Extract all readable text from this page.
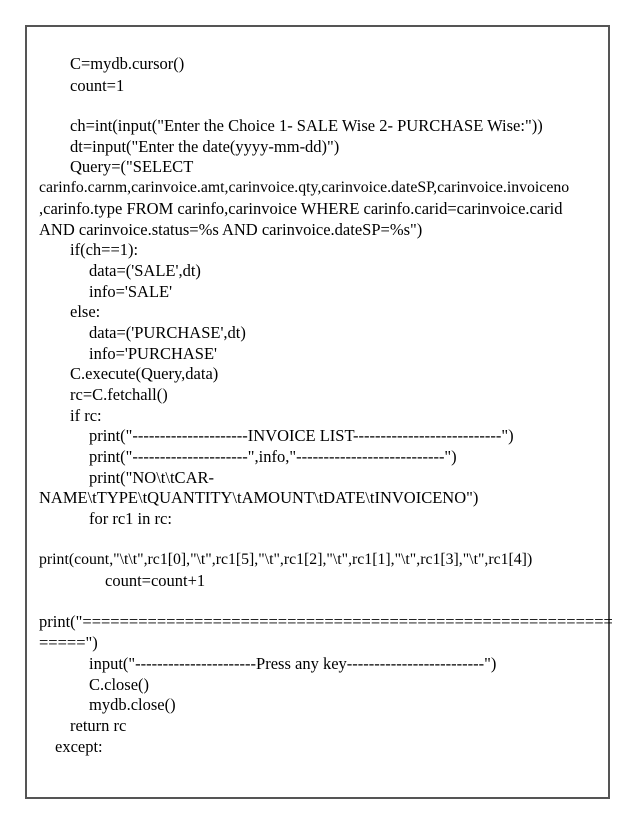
C=mydb.cursor()
count=1
ch=int(input("Enter the Choice 1- SALE Wise 2- PURCHASE Wise:"))
dt=input("Enter the date(yyyy-mm-dd)")
Query=("SELECT
carinfo.carnm,carinvoice.amt,carinvoice.qty,carinvoice.dateSP,carinvoice.invoiceno
,carinfo.type FROM carinfo,carinvoice WHERE carinfo.carid=carinvoice.carid
AND carinvoice.status=%s AND carinvoice.dateSP=%s")
if(ch==1):
data=('SALE',dt)
info='SALE'
else:
data=('PURCHASE',dt)
info='PURCHASE'
C.execute(Query,data)
rc=C.fetchall()
if rc:
print("---------------------INVOICE LIST---------------------------")
print("---------------------",info,"---------------------------")
print("NO\t\tCAR-
NAME\tTYPE\tQUANTITY\tAMOUNT\tDATE\tINVOICENO")
for rc1 in rc:
print(count,"\t\t",rc1[0],"\t",rc1[5],"\t",rc1[2],"\t",rc1[1],"\t",rc1[3],"\t",rc1[4])
count=count+1
print("=========================================================
=====")
input("----------------------Press any key-------------------------")
C.close()
mydb.close()
return rc
except:
